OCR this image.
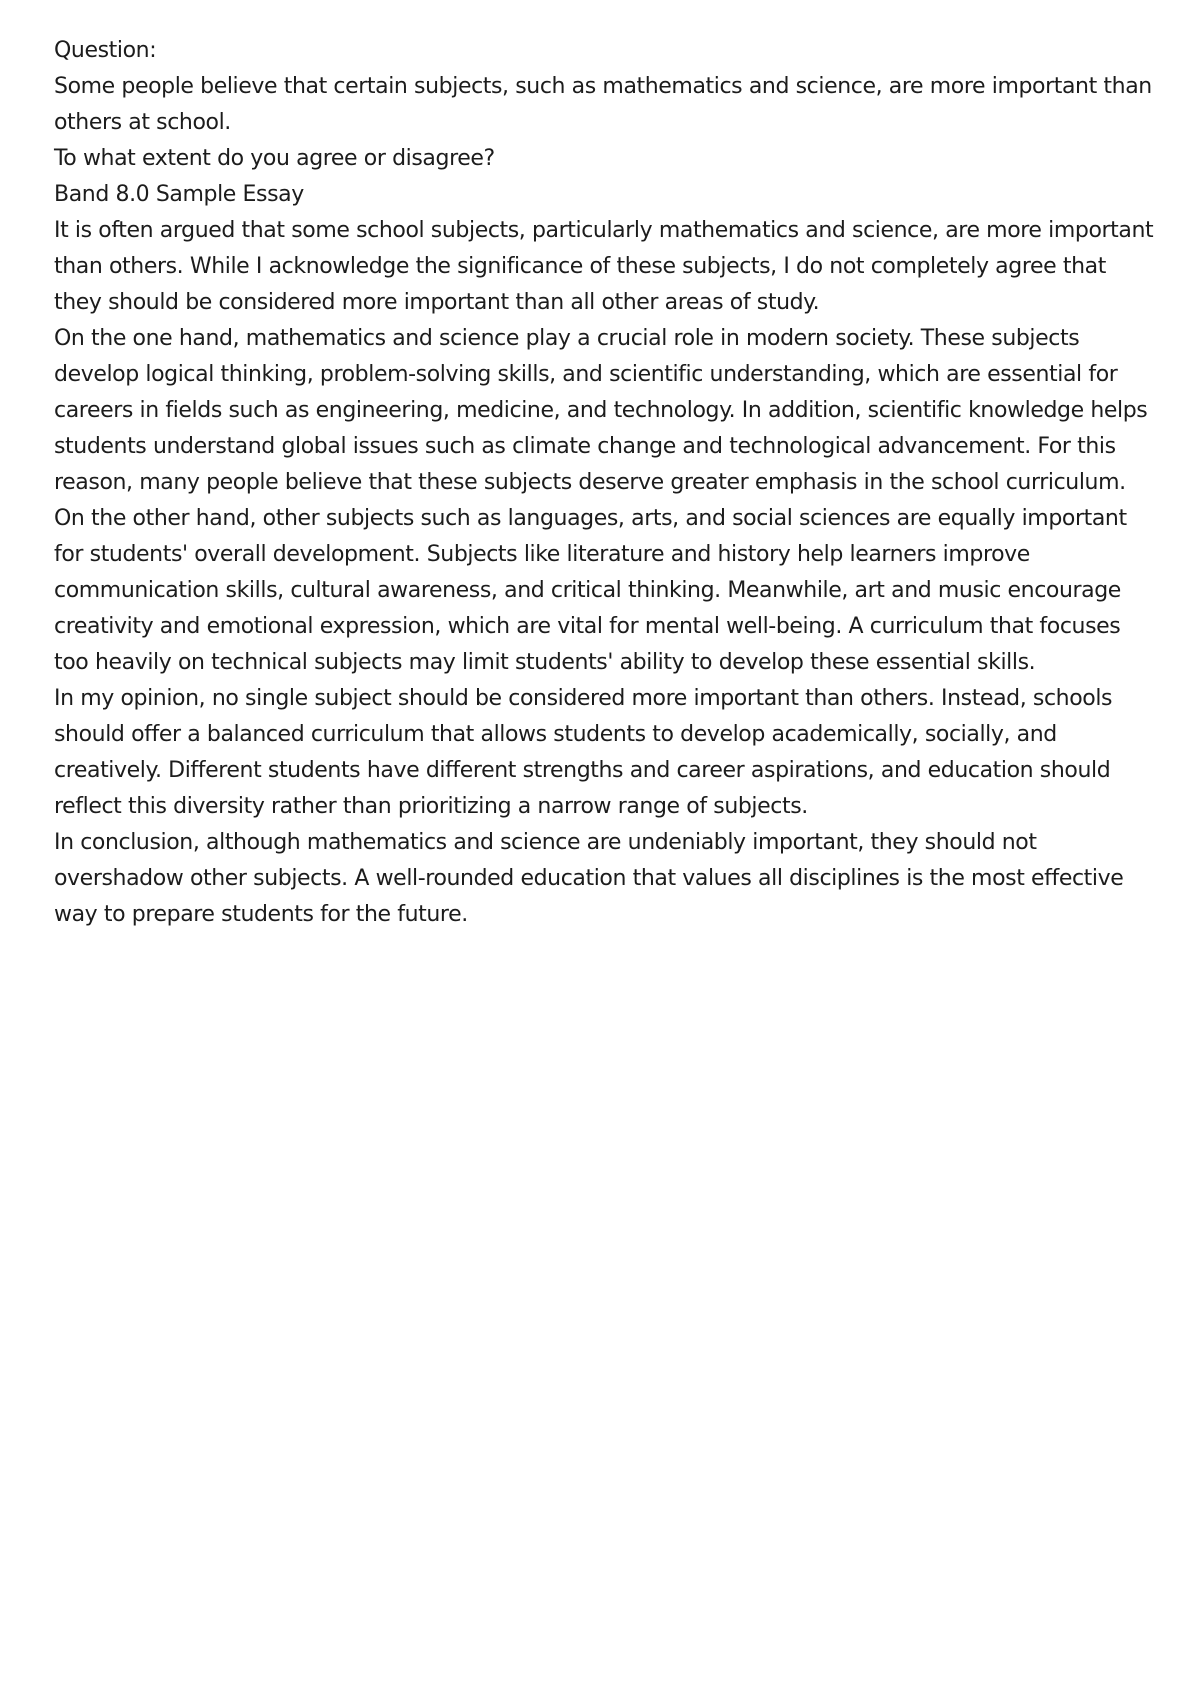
Question:

Some people believe that certain subjects, such as mathematics and science, are more important than others at school.

To what extent do you agree or disagree?

Band 8.0 Sample Essay

It is often argued that some school subjects, particularly mathematics and science, are more important than others. While I acknowledge the significance of these subjects, I do not completely agree that they should be considered more important than all other areas of study.

On the one hand, mathematics and science play a crucial role in modern society. These subjects develop logical thinking, problem-solving skills, and scientific understanding, which are essential for careers in fields such as engineering, medicine, and technology. In addition, scientific knowledge helps students understand global issues such as climate change and technological advancement. For this reason, many people believe that these subjects deserve greater emphasis in the school curriculum.

On the other hand, other subjects such as languages, arts, and social sciences are equally important for students' overall development. Subjects like literature and history help learners improve communication skills, cultural awareness, and critical thinking. Meanwhile, art and music encourage creativity and emotional expression, which are vital for mental well-being. A curriculum that focuses too heavily on technical subjects may limit students' ability to develop these essential skills.

In my opinion, no single subject should be considered more important than others. Instead, schools should offer a balanced curriculum that allows students to develop academically, socially, and creatively. Different students have different strengths and career aspirations, and education should reflect this diversity rather than prioritizing a narrow range of subjects.

In conclusion, although mathematics and science are undeniably important, they should not overshadow other subjects. A well-rounded education that values all disciplines is the most effective way to prepare students for the future.
